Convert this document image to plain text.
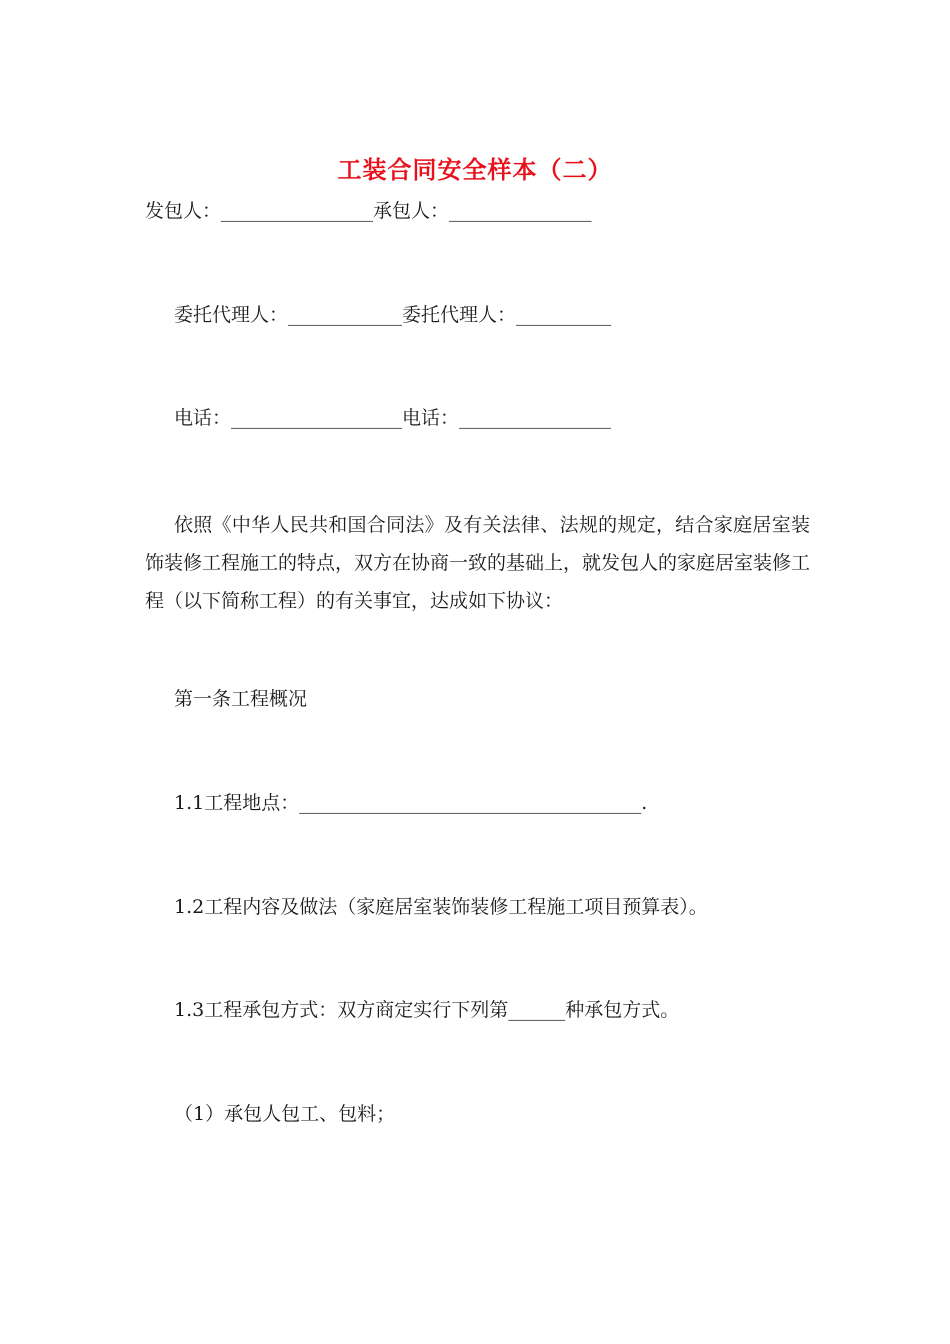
工装合同安全样本（二）
发包人：________________承包人：_______________
委托代理人：____________委托代理人：__________
电话：__________________电话：________________
依照《中华人民共和国合同法》及有关法律、法规的规定，结合家庭居室装饰装修工程施工的特点，双方在协商一致的基础上，就发包人的家庭居室装修工程（以下简称工程）的有关事宜，达成如下协议：
第一条工程概况
1.1工程地点：____________________________________.
1.2工程内容及做法（家庭居室装饰装修工程施工项目预算表）。
1.3工程承包方式：双方商定实行下列第______种承包方式。
（1）承包人包工、包料；
